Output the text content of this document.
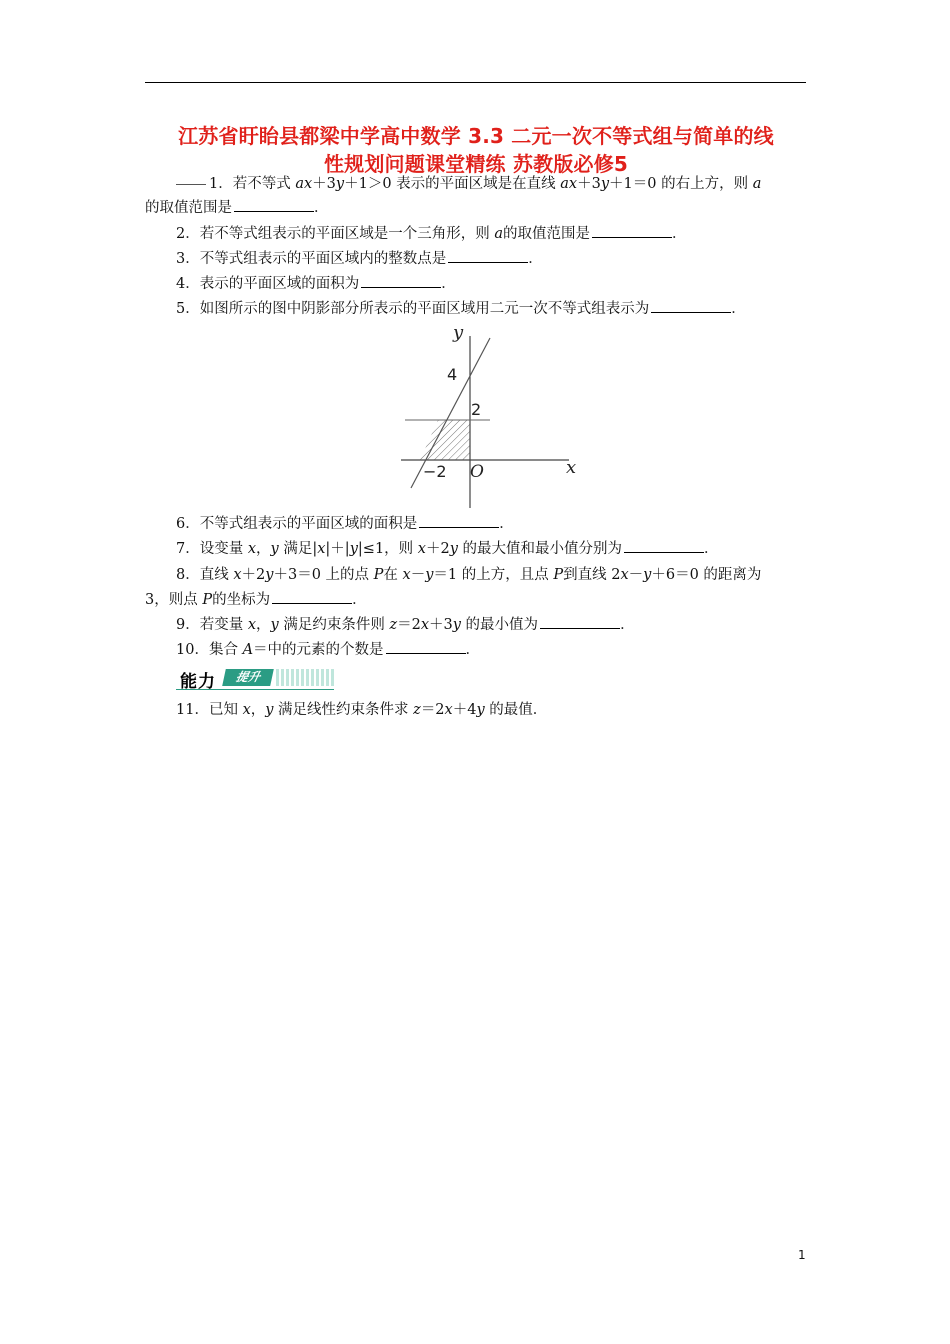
江苏省盱眙县都梁中学高中数学 3.3 二元一次不等式组与简单的线
性规划问题课堂精练 苏教版必修5
1．若不等式 ax＋3y＋1＞0 表示的平面区域是在直线 ax＋3y＋1＝0 的右上方，则 a
的取值范围是	．
2．若不等式组表示的平面区域是一个三角形，则 a的取值范围是	．
3．不等式组表示的平面区域内的整数点是	．
4．表示的平面区域的面积为	．
5．如图所示的图中阴影部分所表示的平面区域用二元一次不等式组表示为	．
y
x
4
2
−2 O
6．不等式组表示的平面区域的面积是	．
7．设变量 x，y 满足|x|＋|y|≤1，则 x＋2y 的最大值和最小值分别为	．
8．直线 x＋2y＋3＝0 上的点 P在 x－y＝1 的上方，且点 P到直线 2x－y＋6＝0 的距离为
3，则点 P的坐标为	．
9．若变量 x，y 满足约束条件则 z＝2x＋3y 的最小值为	．
10．集合 A＝中的元素的个数是	．
能力	提升
11．已知 x，y 满足线性约束条件求 z＝2x＋4y 的最值．
1
